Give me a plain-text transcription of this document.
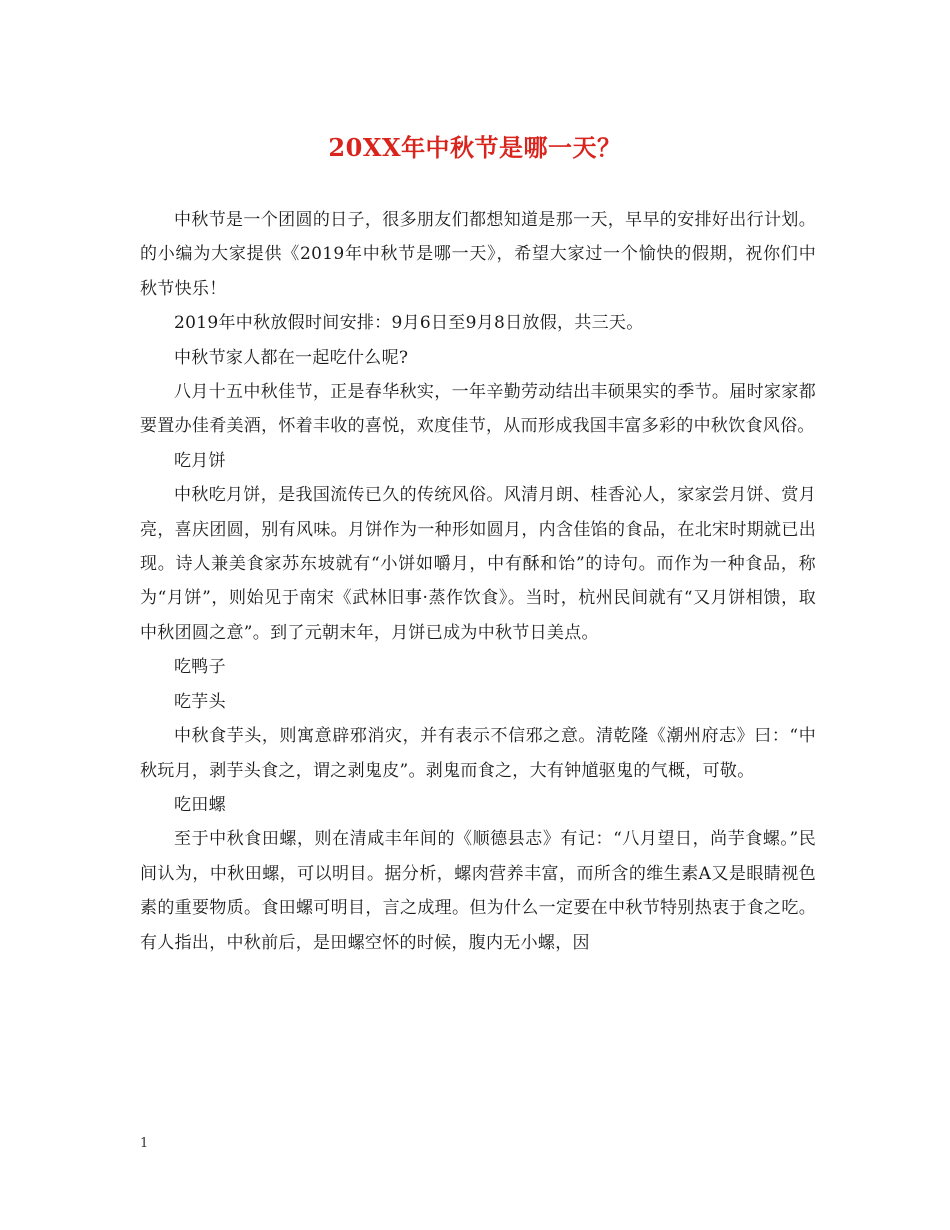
20XX年中秋节是哪一天？

中秋节是一个团圆的日子，很多朋友们都想知道是那一天，早早的安排好出行计划。的小编为大家提供《2019年中秋节是哪一天》，希望大家过一个愉快的假期，祝你们中秋节快乐！

2019年中秋放假时间安排：9月6日至9月8日放假，共三天。

中秋节家人都在一起吃什么呢?

八月十五中秋佳节，正是春华秋实，一年辛勤劳动结出丰硕果实的季节。届时家家都要置办佳肴美酒，怀着丰收的喜悦，欢度佳节，从而形成我国丰富多彩的中秋饮食风俗。

吃月饼

中秋吃月饼，是我国流传已久的传统风俗。风清月朗、桂香沁人，家家尝月饼、赏月亮，喜庆团圆，别有风味。月饼作为一种形如圆月，内含佳馅的食品，在北宋时期就已出现。诗人兼美食家苏东坡就有“小饼如嚼月，中有酥和饴”的诗句。而作为一种食品，称为“月饼”，则始见于南宋《武林旧事·蒸作饮食》。当时，杭州民间就有“又月饼相馈，取中秋团圆之意”。到了元朝末年，月饼已成为中秋节日美点。

吃鸭子

吃芋头

中秋食芋头，则寓意辟邪消灾，并有表示不信邪之意。清乾隆《潮州府志》曰：“中秋玩月，剥芋头食之，谓之剥鬼皮”。剥鬼而食之，大有钟馗驱鬼的气概，可敬。

吃田螺

至于中秋食田螺，则在清咸丰年间的《顺德县志》有记：“八月望日，尚芋食螺。”民间认为，中秋田螺，可以明目。据分析，螺肉营养丰富，而所含的维生素A又是眼睛视色素的重要物质。食田螺可明目，言之成理。但为什么一定要在中秋节特别热衷于食之吃。有人指出，中秋前后，是田螺空怀的时候，腹内无小螺，因

1
